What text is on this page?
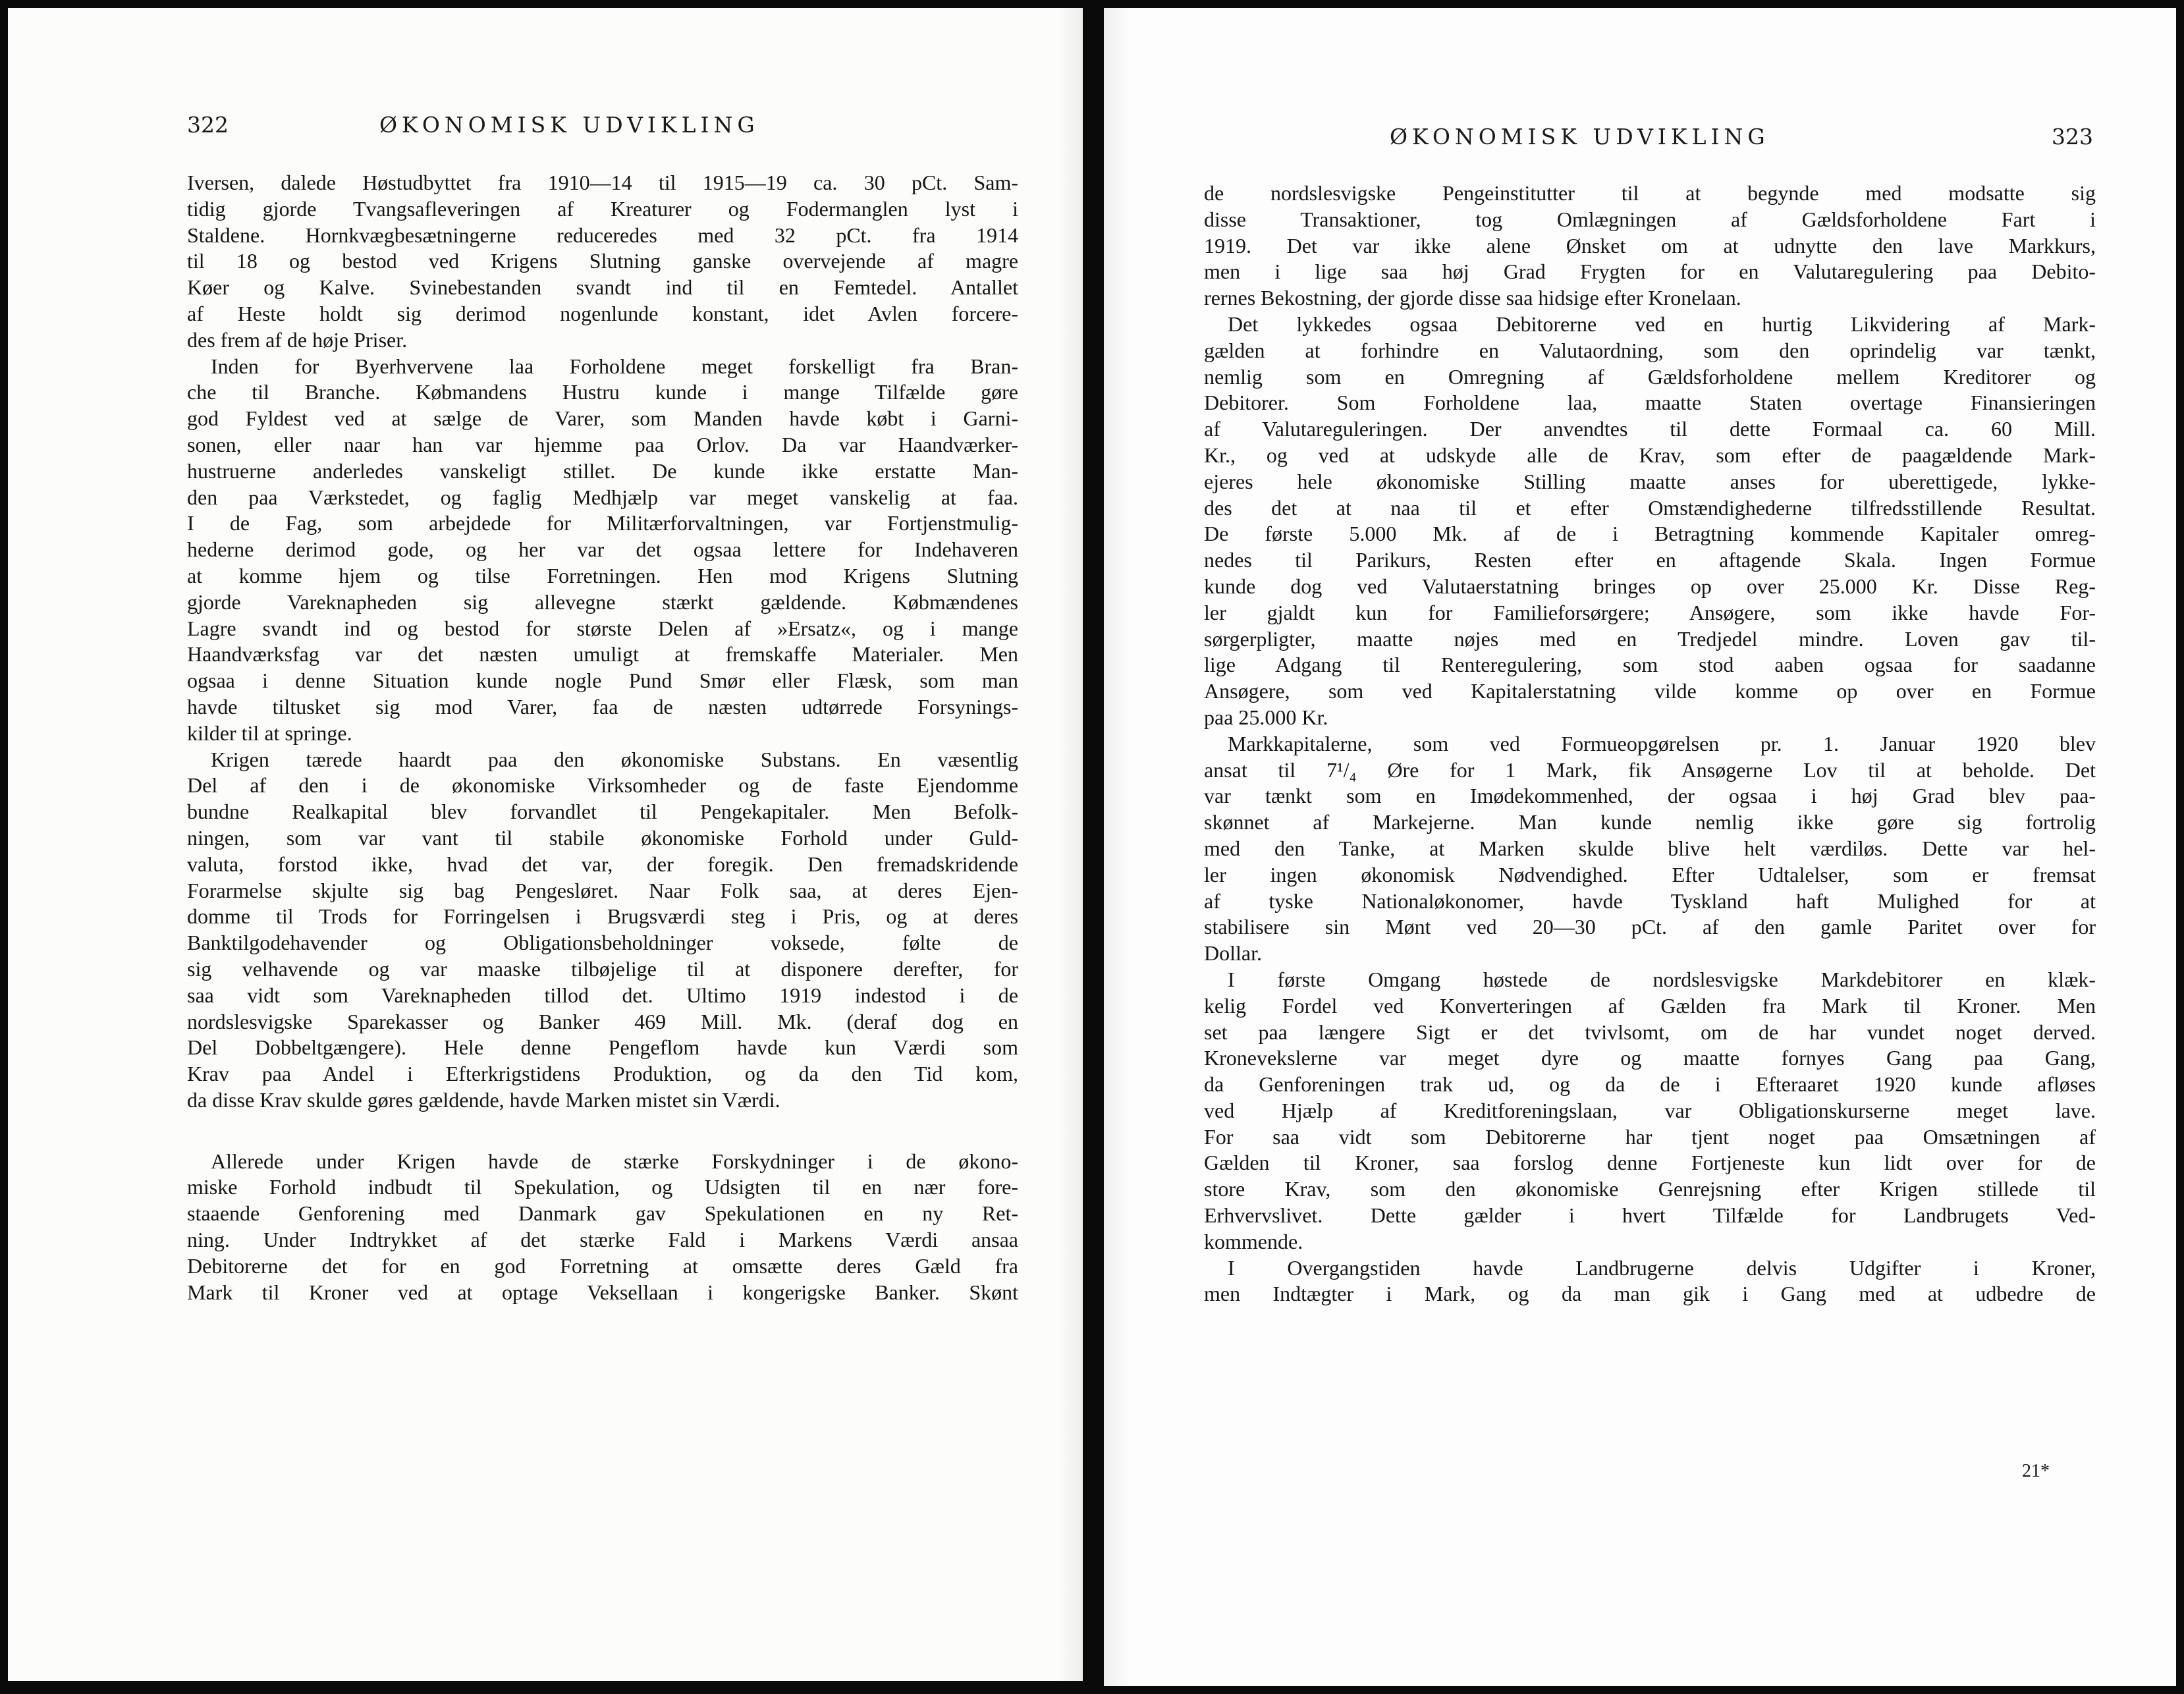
322	ØKONOMISK UDVIKLING
Iversen, dalede Høstudbyttet fra 1910—14 til 1915—19 ca. 30 pCt. Sam-
tidig gjorde Tvangsafleveringen af Kreaturer og Fodermanglen lyst i
Staldene. Hornkvægbesætningerne reduceredes med 32 pCt. fra 1914
til 18 og bestod ved Krigens Slutning ganske overvejende af magre
Køer og Kalve. Svinebestanden svandt ind til en Femtedel. Antallet
af Heste holdt sig derimod nogenlunde konstant, idet Avlen forcere-
des frem af de høje Priser.
Inden for Byerhvervene laa Forholdene meget forskelligt fra Bran-
che til Branche. Købmandens Hustru kunde i mange Tilfælde gøre
god Fyldest ved at sælge de Varer, som Manden havde købt i Garni-
sonen, eller naar han var hjemme paa Orlov. Da var Haandværker-
hustruerne anderledes vanskeligt stillet. De kunde ikke erstatte Man-
den paa Værkstedet, og faglig Medhjælp var meget vanskelig at faa.
I de Fag, som arbejdede for Militærforvaltningen, var Fortjenstmulig-
hederne derimod gode, og her var det ogsaa lettere for Indehaveren
at komme hjem og tilse Forretningen. Hen mod Krigens Slutning
gjorde Vareknapheden sig allevegne stærkt gældende. Købmændenes
Lagre svandt ind og bestod for største Delen af »Ersatz«, og i mange
Haandværksfag var det næsten umuligt at fremskaffe Materialer. Men
ogsaa i denne Situation kunde nogle Pund Smør eller Flæsk, som man
havde tiltusket sig mod Varer, faa de næsten udtørrede Forsynings-
kilder til at springe.
Krigen tærede haardt paa den økonomiske Substans. En væsentlig
Del af den i de økonomiske Virksomheder og de faste Ejendomme
bundne Realkapital blev forvandlet til Pengekapitaler. Men Befolk-
ningen, som var vant til stabile økonomiske Forhold under Guld-
valuta, forstod ikke, hvad det var, der foregik. Den fremadskridende
Forarmelse skjulte sig bag Pengesløret. Naar Folk saa, at deres Ejen-
domme til Trods for Forringelsen i Brugsværdi steg i Pris, og at deres
Banktilgodehavender og Obligationsbeholdninger voksede, følte de
sig velhavende og var maaske tilbøjelige til at disponere derefter, for
saa vidt som Vareknapheden tillod det. Ultimo 1919 indestod i de
nordslesvigske Sparekasser og Banker 469 Mill. Mk. (deraf dog en
Del Dobbeltgængere). Hele denne Pengeflom havde kun Værdi som
Krav paa Andel i Efterkrigstidens Produktion, og da den Tid kom,
da disse Krav skulde gøres gældende, havde Marken mistet sin Værdi.
Allerede under Krigen havde de stærke Forskydninger i de økono-
miske Forhold indbudt til Spekulation, og Udsigten til en nær fore-
staaende Genforening med Danmark gav Spekulationen en ny Ret-
ning. Under Indtrykket af det stærke Fald i Markens Værdi ansaa
Debitorerne det for en god Forretning at omsætte deres Gæld fra
Mark til Kroner ved at optage Veksellaan i kongerigske Banker. Skønt
ØKONOMISK UDVIKLING	323
de nordslesvigske Pengeinstitutter til at begynde med modsatte sig
disse Transaktioner, tog Omlægningen af Gældsforholdene Fart i
1919. Det var ikke alene Ønsket om at udnytte den lave Markkurs,
men i lige saa høj Grad Frygten for en Valutaregulering paa Debito-
rernes Bekostning, der gjorde disse saa hidsige efter Kronelaan.
Det lykkedes ogsaa Debitorerne ved en hurtig Likvidering af Mark-
gælden at forhindre en Valutaordning, som den oprindelig var tænkt,
nemlig som en Omregning af Gældsforholdene mellem Kreditorer og
Debitorer. Som Forholdene laa, maatte Staten overtage Finansieringen
af Valutareguleringen. Der anvendtes til dette Formaal ca. 60 Mill.
Kr., og ved at udskyde alle de Krav, som efter de paagældende Mark-
ejeres hele økonomiske Stilling maatte anses for uberettigede, lykke-
des det at naa til et efter Omstændighederne tilfredsstillende Resultat.
De første 5.000 Mk. af de i Betragtning kommende Kapitaler omreg-
nedes til Parikurs, Resten efter en aftagende Skala. Ingen Formue
kunde dog ved Valutaerstatning bringes op over 25.000 Kr. Disse Reg-
ler gjaldt kun for Familieforsørgere; Ansøgere, som ikke havde For-
sørgerpligter, maatte nøjes med en Tredjedel mindre. Loven gav til-
lige Adgang til Renteregulering, som stod aaben ogsaa for saadanne
Ansøgere, som ved Kapitalerstatning vilde komme op over en Formue
paa 25.000 Kr.
Markkapitalerne, som ved Formueopgørelsen pr. 1. Januar 1920 blev
ansat til 7¹/₄ Øre for 1 Mark, fik Ansøgerne Lov til at beholde. Det
var tænkt som en Imødekommenhed, der ogsaa i høj Grad blev paa-
skønnet af Markejerne. Man kunde nemlig ikke gøre sig fortrolig
med den Tanke, at Marken skulde blive helt værdiløs. Dette var hel-
ler ingen økonomisk Nødvendighed. Efter Udtalelser, som er fremsat
af tyske Nationaløkonomer, havde Tyskland haft Mulighed for at
stabilisere sin Mønt ved 20—30 pCt. af den gamle Paritet over for
Dollar.
I første Omgang høstede de nordslesvigske Markdebitorer en klæk-
kelig Fordel ved Konverteringen af Gælden fra Mark til Kroner. Men
set paa længere Sigt er det tvivlsomt, om de har vundet noget derved.
Kronevekslerne var meget dyre og maatte fornyes Gang paa Gang,
da Genforeningen trak ud, og da de i Efteraaret 1920 kunde afløses
ved Hjælp af Kreditforeningslaan, var Obligationskurserne meget lave.
For saa vidt som Debitorerne har tjent noget paa Omsætningen af
Gælden til Kroner, saa forslog denne Fortjeneste kun lidt over for de
store Krav, som den økonomiske Genrejsning efter Krigen stillede til
Erhvervslivet. Dette gælder i hvert Tilfælde for Landbrugets Ved-
kommende.
I Overgangstiden havde Landbrugerne delvis Udgifter i Kroner,
men Indtægter i Mark, og da man gik i Gang med at udbedre de
21*
